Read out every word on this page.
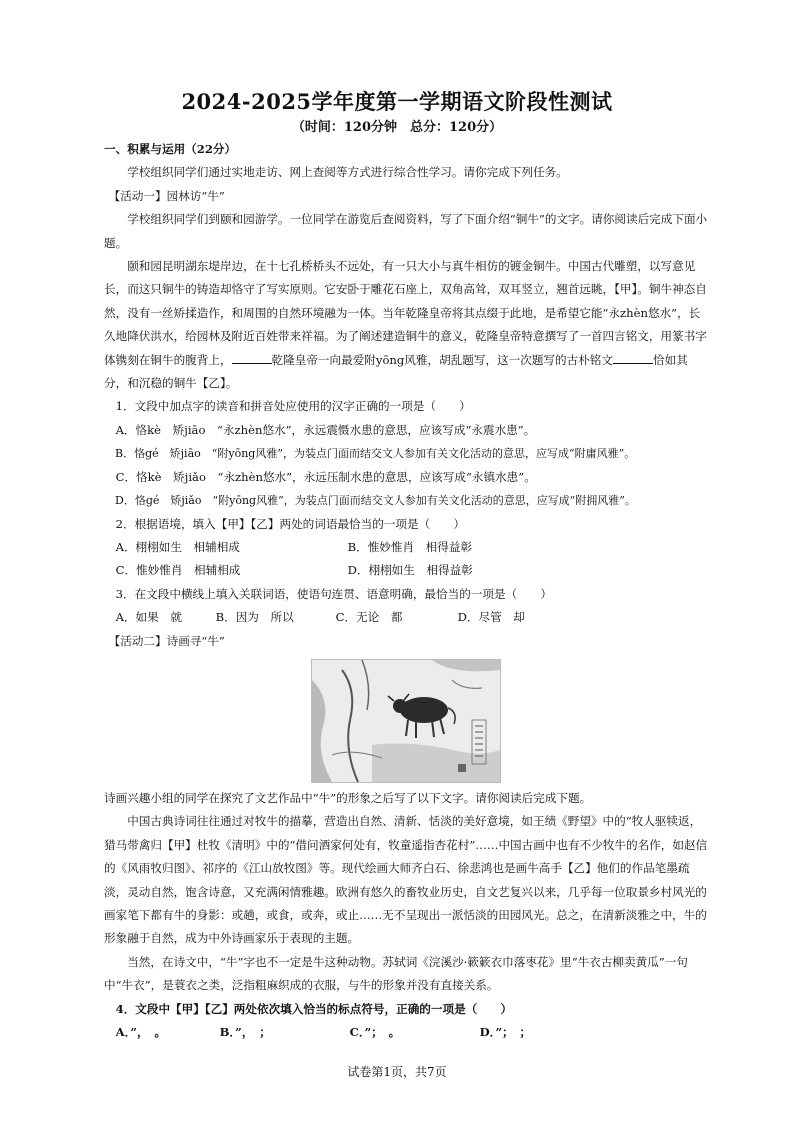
2024-2025学年度第一学期语文阶段性测试
（时间：120分钟　总分：120分）

一、积累与运用（22分）

学校组织同学们通过实地走访、网上查阅等方式进行综合性学习。请你完成下列任务。

【活动一】园林访“牛”

学校组织同学们到颐和园游学。一位同学在游览后查阅资料，写了下面介绍“铜牛”的文字。请你阅读后完成下面小题。

颐和园昆明湖东堤岸边，在十七孔桥桥头不远处，有一只大小与真牛相仿的镀金铜牛。中国古代雕塑，以写意见长，而这只铜牛的铸造却恪守了写实原则。它安卧于雕花石座上，双角高耸，双耳竖立，翘首远眺，【甲】。铜牛神态自然，没有一丝矫揉造作，和周围的自然环境融为一体。当年乾隆皇帝将其点缀于此地，是希望它能“永zhèn悠水”，长久地降伏洪水，给园林及附近百姓带来祥福。为了阐述建造铜牛的意义，乾隆皇帝特意撰写了一首四言铭文，用篆书字体镌刻在铜牛的腹背上，	乾隆皇帝一向最爱附yōng风雅，胡乱题写，这一次题写的古朴铭文	恰如其分，和沉稳的铜牛【乙】。

1．文段中加点字的读音和拼音处应使用的汉字正确的一项是（　　）

A．恪kè　矫jiāo　“永zhèn悠水”，永远震慑水患的意思，应该写成“永震水患”。

B．恪gé　矫jiāo　“附yōng风雅”，为装点门面而结交文人参加有关文化活动的意思，应写成“附庸风雅”。

C．恪kè　矫jiǎo　“永zhèn悠水”，永远压制水患的意思，应该写成“永镇水患”。

D．恪gé　矫jiǎo　“附yōng风雅”，为装点门面而结交文人参加有关文化活动的意思，应写成“附拥风雅”。

2．根据语境，填入【甲】【乙】两处的词语最恰当的一项是（　　）

A．栩栩如生　相辅相成	B．惟妙惟肖　相得益彰
C．惟妙惟肖　相辅相成	D．栩栩如生　相得益彰

3．在文段中横线上填入关联词语，使语句连贯、语意明确，最恰当的一项是（　　）

A．如果　就	B．因为　所以	C．无论　都	D．尽管　却

【活动二】诗画寻“牛”

诗画兴趣小组的同学在探究了文艺作品中“牛”的形象之后写了以下文字。请你阅读后完成下题。

中国古典诗词往往通过对牧牛的描摹，营造出自然、清新、恬淡的美好意境，如王绩《野望》中的“牧人驱犊返，猎马带禽归【甲】杜牧《清明》中的“借问酒家何处有，牧童遥指杏花村”……中国古画中也有不少牧牛的名作，如赵信的《风雨牧归图》、祁序的《江山放牧图》等。现代绘画大师齐白石、徐悲鸿也是画牛高手【乙】他们的作品笔墨疏淡，灵动自然，饱含诗意，又充满闲情雅趣。欧洲有悠久的畜牧业历史，自文艺复兴以来，几乎每一位取景乡村风光的画家笔下都有牛的身影：或趟，或食，或奔，或止……无不呈现出一派恬淡的田园风光。总之，在清新淡雅之中，牛的形象融于自然，成为中外诗画家乐于表现的主题。

当然，在诗文中，“牛”字也不一定是牛这种动物。苏轼词《浣溪沙·簌簌衣巾落枣花》里“牛衣古柳卖黄瓜”一句中“牛衣”，是蓑衣之类，泛指粗麻织成的衣服，与牛的形象并没有直接关系。

4．文段中【甲】【乙】两处依次填入恰当的标点符号，正确的一项是（　　）

A．”，　。	B．”，　；	C．”；　。	D．”；　；
试卷第1页，共7页
